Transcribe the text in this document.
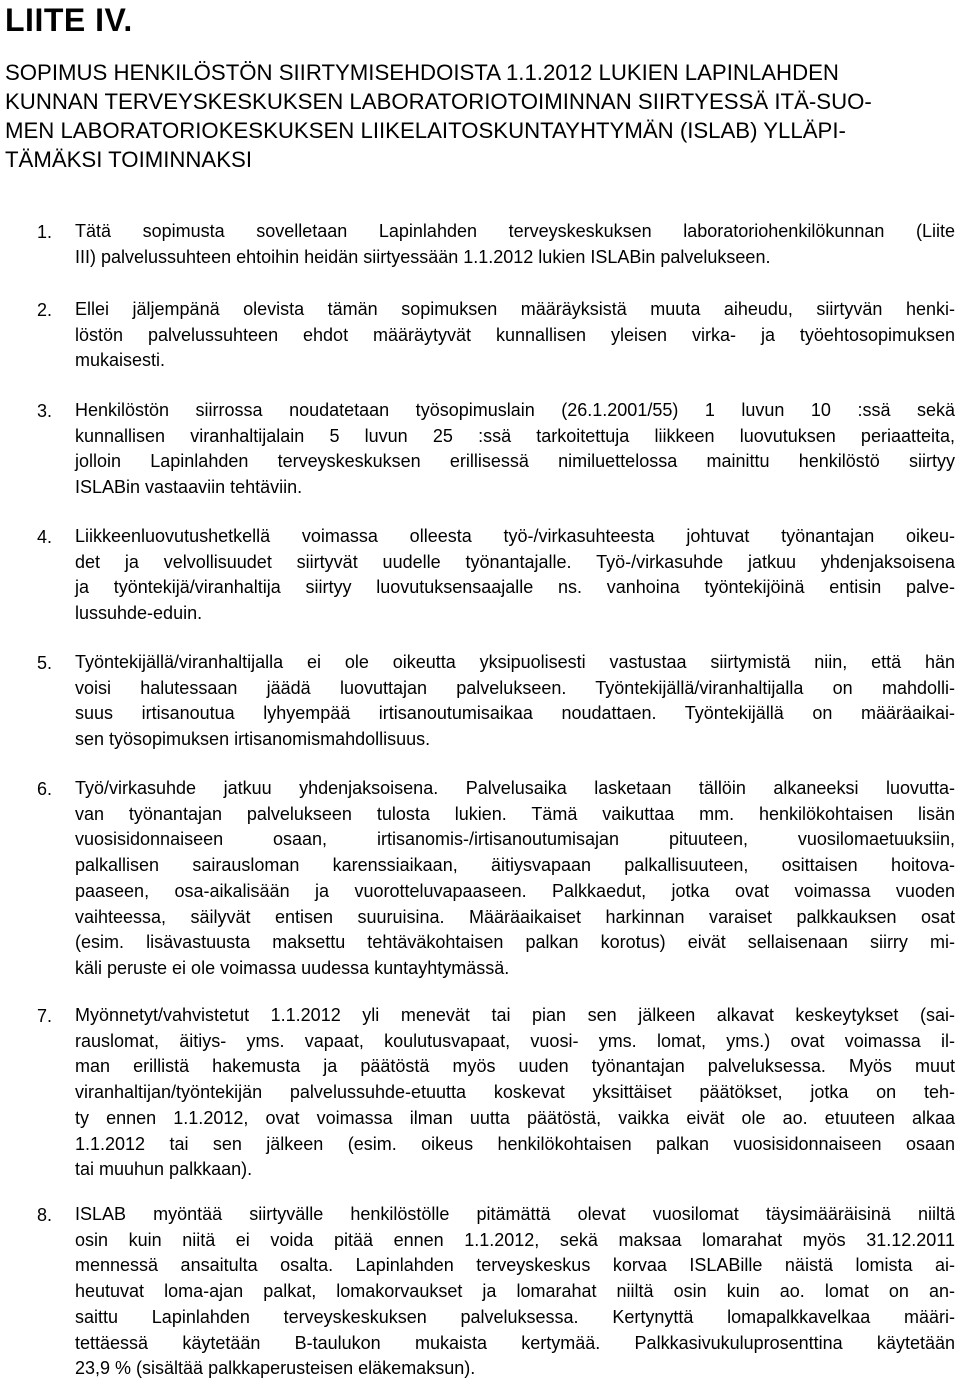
LIITE IV.
SOPIMUS HENKILÖSTÖN SIIRTYMISEHDOISTA 1.1.2012 LUKIEN LAPINLAHDEN
KUNNAN TERVEYSKESKUKSEN LABORATORIOTOIMINNAN SIIRTYESSÄ ITÄ-SUO-
MEN LABORATORIOKESKUKSEN LIIKELAITOSKUNTAYHTYMÄN (ISLAB) YLLÄPI-
TÄMÄKSI TOIMINNAKSI
1. Tätä sopimusta sovelletaan Lapinlahden terveyskeskuksen laboratoriohenkilökunnan (Liite
III) palvelussuhteen ehtoihin heidän siirtyessään 1.1.2012 lukien ISLABin palvelukseen.
2. Ellei jäljempänä olevista tämän sopimuksen määräyksistä muuta aiheudu, siirtyvän henki-
löstön palvelussuhteen ehdot määräytyvät kunnallisen yleisen virka- ja työehtosopimuksen
mukaisesti.
3. Henkilöstön siirrossa noudatetaan työsopimuslain (26.1.2001/55) 1 luvun 10 :ssä sekä
kunnallisen viranhaltijalain 5 luvun 25 :ssä tarkoitettuja liikkeen luovutuksen periaatteita,
jolloin Lapinlahden terveyskeskuksen erillisessä nimiluettelossa mainittu henkilöstö siirtyy
ISLABin vastaaviin tehtäviin.
4. Liikkeenluovutushetkellä voimassa olleesta työ-/virkasuhteesta johtuvat työnantajan oikeu-
det ja velvollisuudet siirtyvät uudelle työnantajalle. Työ-/virkasuhde jatkuu yhdenjaksoisena
ja työntekijä/viranhaltija siirtyy luovutuksensaajalle ns. vanhoina työntekijöinä entisin palve-
lussuhde-eduin.
5. Työntekijällä/viranhaltijalla ei ole oikeutta yksipuolisesti vastustaa siirtymistä niin, että hän
voisi halutessaan jäädä luovuttajan palvelukseen. Työntekijällä/viranhaltijalla on mahdolli-
suus irtisanoutua lyhyempää irtisanoutumisaikaa noudattaen. Työntekijällä on määräaikai-
sen työsopimuksen irtisanomismahdollisuus.
6. Työ/virkasuhde jatkuu yhdenjaksoisena. Palvelusaika lasketaan tällöin alkaneeksi luovutta-
van työnantajan palvelukseen tulosta lukien. Tämä vaikuttaa mm. henkilökohtaisen lisän
vuosisidonnaiseen osaan, irtisanomis-/irtisanoutumisajan pituuteen, vuosilomaetuuksiin,
palkallisen sairausloman karenssiaikaan, äitiysvapaan palkallisuuteen, osittaisen hoitova-
paaseen, osa-aikalisään ja vuorotteluvapaaseen. Palkkaedut, jotka ovat voimassa vuoden
vaihteessa, säilyvät entisen suuruisina. Määräaikaiset harkinnan varaiset palkkauksen osat
(esim. lisävastuusta maksettu tehtäväkohtaisen palkan korotus) eivät sellaisenaan siirry mi-
käli peruste ei ole voimassa uudessa kuntayhtymässä.
7. Myönnetyt/vahvistetut 1.1.2012 yli menevät tai pian sen jälkeen alkavat keskeytykset (sai-
rauslomat, äitiys- yms. vapaat, koulutusvapaat, vuosi- yms. lomat, yms.) ovat voimassa il-
man erillistä hakemusta ja päätöstä myös uuden työnantajan palveluksessa. Myös muut
viranhaltijan/työntekijän palvelussuhde-etuutta koskevat yksittäiset päätökset, jotka on teh-
ty ennen 1.1.2012, ovat voimassa ilman uutta päätöstä, vaikka eivät ole ao. etuuteen alkaa
1.1.2012 tai sen jälkeen (esim. oikeus henkilökohtaisen palkan vuosisidonnaiseen osaan
tai muuhun palkkaan).
8. ISLAB myöntää siirtyvälle henkilöstölle pitämättä olevat vuosilomat täysimääräisinä niiltä
osin kuin niitä ei voida pitää ennen 1.1.2012, sekä maksaa lomarahat myös 31.12.2011
mennessä ansaitulta osalta. Lapinlahden terveyskeskus korvaa ISLABille näistä lomista ai-
heutuvat loma-ajan palkat, lomakorvaukset ja lomarahat niiltä osin kuin ao. lomat on an-
saittu Lapinlahden terveyskeskuksen palveluksessa. Kertynyttä lomapalkkavelkaa määri-
tettäessä käytetään B-taulukon mukaista kertymää. Palkkasivukuluprosenttina käytetään
23,9 % (sisältää palkkaperusteisen eläkemaksun).
